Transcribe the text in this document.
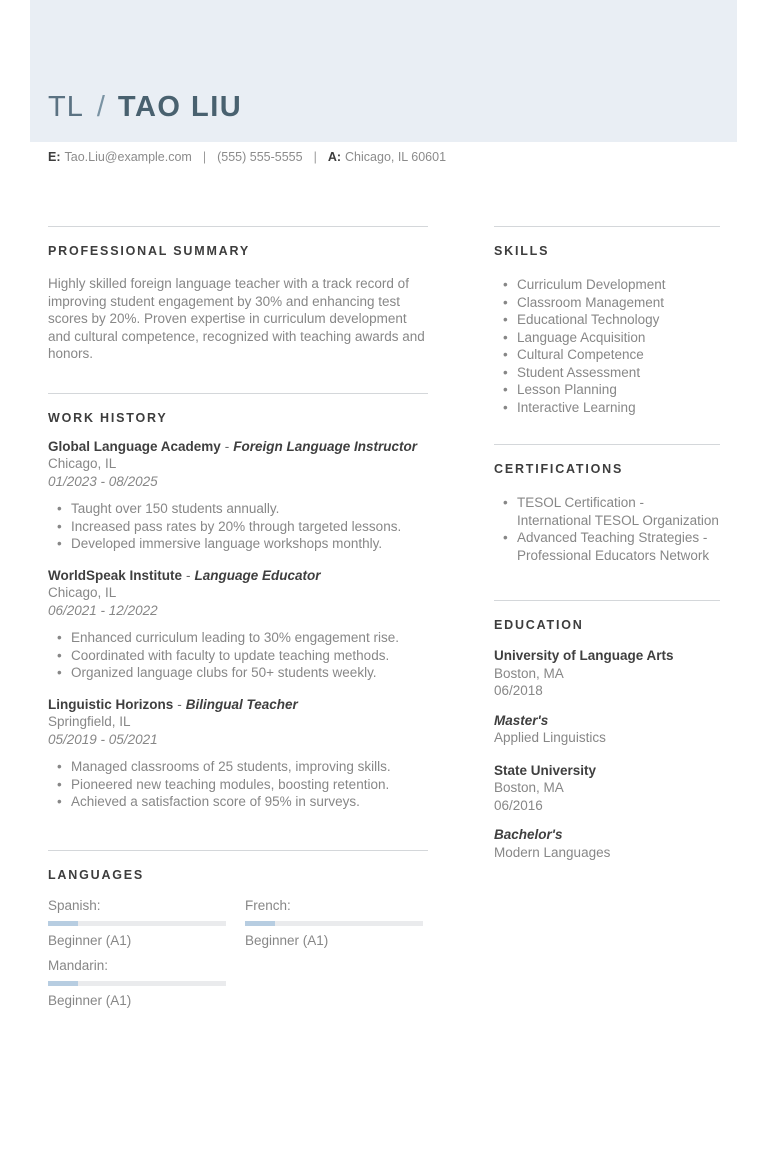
TL / TAO LIU
E: Tao.Liu@example.com | (555) 555-5555 | A: Chicago, IL 60601
PROFESSIONAL SUMMARY

Highly skilled foreign language teacher with a track record of improving student engagement by 30% and enhancing test scores by 20%. Proven expertise in curriculum development and cultural competence, recognized with teaching awards and honors.

WORK HISTORY
Global Language Academy - Foreign Language Instructor
Chicago, IL
01/2023 - 08/2025
• Taught over 150 students annually.
• Increased pass rates by 20% through targeted lessons.
• Developed immersive language workshops monthly.
WorldSpeak Institute - Language Educator
Chicago, IL
06/2021 - 12/2022
• Enhanced curriculum leading to 30% engagement rise.
• Coordinated with faculty to update teaching methods.
• Organized language clubs for 50+ students weekly.
Linguistic Horizons - Bilingual Teacher
Springfield, IL
05/2019 - 05/2021
• Managed classrooms of 25 students, improving skills.
• Pioneered new teaching modules, boosting retention.
• Achieved a satisfaction score of 95% in surveys.
LANGUAGES
Spanish:
Beginner (A1)
French:
Beginner (A1)
Mandarin:
Beginner (A1)
SKILLS
• Curriculum Development
• Classroom Management
• Educational Technology
• Language Acquisition
• Cultural Competence
• Student Assessment
• Lesson Planning
• Interactive Learning
CERTIFICATIONS
• TESOL Certification - International TESOL Organization
• Advanced Teaching Strategies - Professional Educators Network
EDUCATION
University of Language Arts
Boston, MA
06/2018
Master's
Applied Linguistics
State University
Boston, MA
06/2016
Bachelor's
Modern Languages
